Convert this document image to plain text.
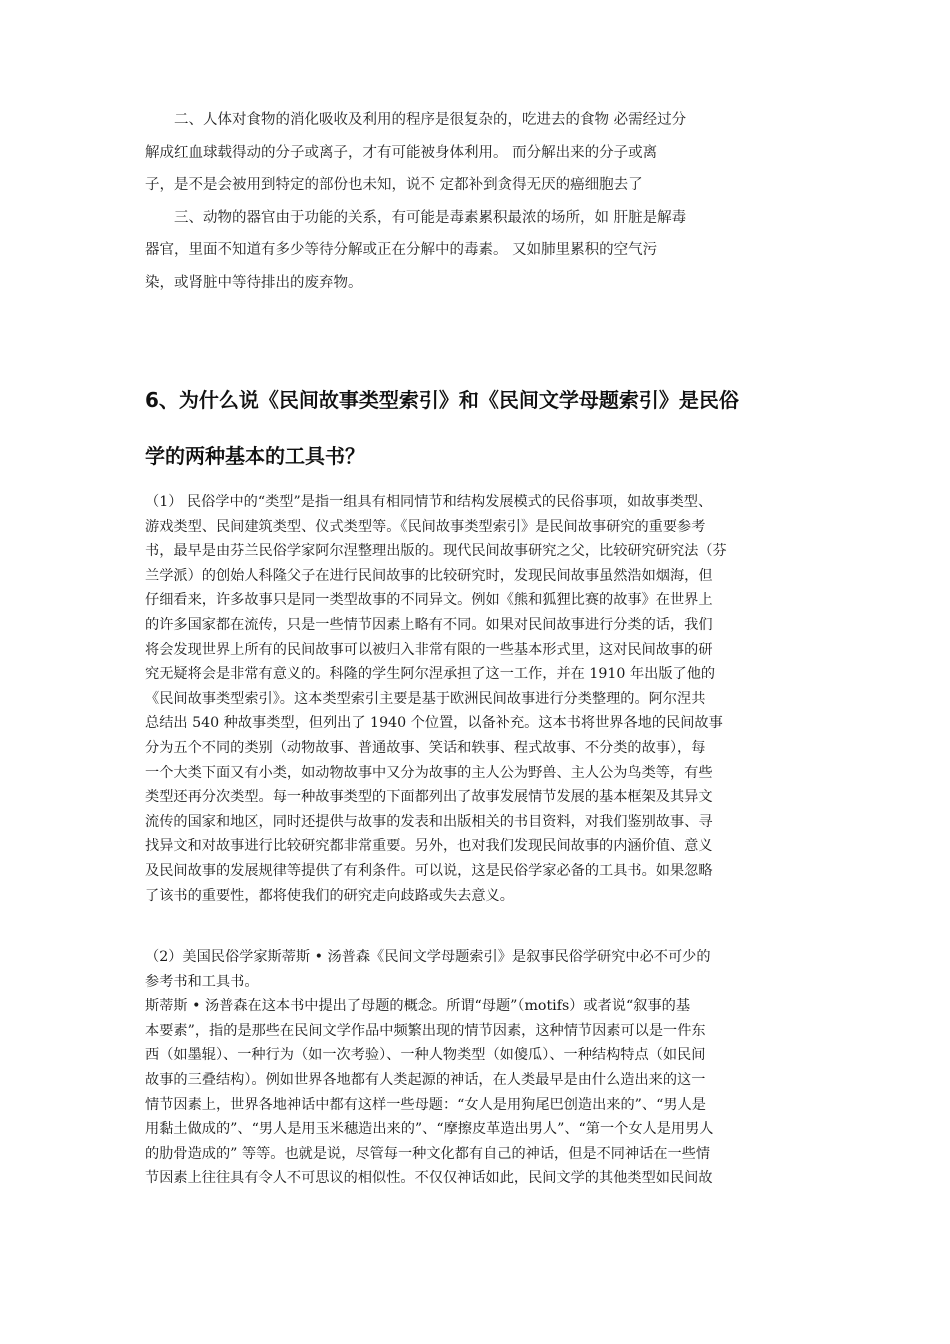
二、人体对食物的消化吸收及利用的程序是很复杂的，吃进去的食物 必需经过分
解成红血球载得动的分子或离子，才有可能被身体利用。 而分解出来的分子或离
子，是不是会被用到特定的部份也未知，说不 定都补到贪得无厌的癌细胞去了
三、动物的器官由于功能的关系，有可能是毒素累积最浓的场所，如 肝脏是解毒
器官，里面不知道有多少等待分解或正在分解中的毒素。 又如肺里累积的空气污
染，或肾脏中等待排出的废弃物。
6、为什么说《民间故事类型索引》和《民间文学母题索引》是民俗
学的两种基本的工具书？
（1） 民俗学中的“类型”是指一组具有相同情节和结构发展模式的民俗事项，如故事类型、
游戏类型、民间建筑类型、仪式类型等。《民间故事类型索引》是民间故事研究的重要参考
书，最早是由芬兰民俗学家阿尔涅整理出版的。现代民间故事研究之父，比较研究研究法（芬
兰学派）的创始人科隆父子在进行民间故事的比较研究时，发现民间故事虽然浩如烟海，但
仔细看来，许多故事只是同一类型故事的不同异文。例如《熊和狐狸比赛的故事》在世界上
的许多国家都在流传，只是一些情节因素上略有不同。如果对民间故事进行分类的话，我们
将会发现世界上所有的民间故事可以被归入非常有限的一些基本形式里，这对民间故事的研
究无疑将会是非常有意义的。科隆的学生阿尔涅承担了这一工作，并在 1910 年出版了他的
《民间故事类型索引》。这本类型索引主要是基于欧洲民间故事进行分类整理的。阿尔涅共
总结出 540 种故事类型，但列出了 1940 个位置，以备补充。这本书将世界各地的民间故事
分为五个不同的类别（动物故事、普通故事、笑话和轶事、程式故事、不分类的故事），每
一个大类下面又有小类，如动物故事中又分为故事的主人公为野兽、主人公为鸟类等，有些
类型还再分次类型。每一种故事类型的下面都列出了故事发展情节发展的基本框架及其异文
流传的国家和地区，同时还提供与故事的发表和出版相关的书目资料，对我们鉴别故事、寻
找异文和对故事进行比较研究都非常重要。另外，也对我们发现民间故事的内涵价值、意义
及民间故事的发展规律等提供了有利条件。可以说，这是民俗学家必备的工具书。如果忽略
了该书的重要性，都将使我们的研究走向歧路或失去意义。
（2）美国民俗学家斯蒂斯 • 汤普森《民间文学母题索引》是叙事民俗学研究中必不可少的
参考书和工具书。
斯蒂斯 • 汤普森在这本书中提出了母题的概念。所谓“母题”（motifs）或者说“叙事的基
本要素”，指的是那些在民间文学作品中频繁出现的情节因素，这种情节因素可以是一件东
西（如墨辊）、一种行为（如一次考验）、一种人物类型（如傻瓜）、一种结构特点（如民间
故事的三叠结构）。例如世界各地都有人类起源的神话，在人类最早是由什么造出来的这一
情节因素上，世界各地神话中都有这样一些母题：“女人是用狗尾巴创造出来的”、“男人是
用黏土做成的”、“男人是用玉米穗造出来的”、“摩擦皮革造出男人”、“第一个女人是用男人
的肋骨造成的” 等等。也就是说，尽管每一种文化都有自己的神话，但是不同神话在一些情
节因素上往往具有令人不可思议的相似性。不仅仅神话如此，民间文学的其他类型如民间故
